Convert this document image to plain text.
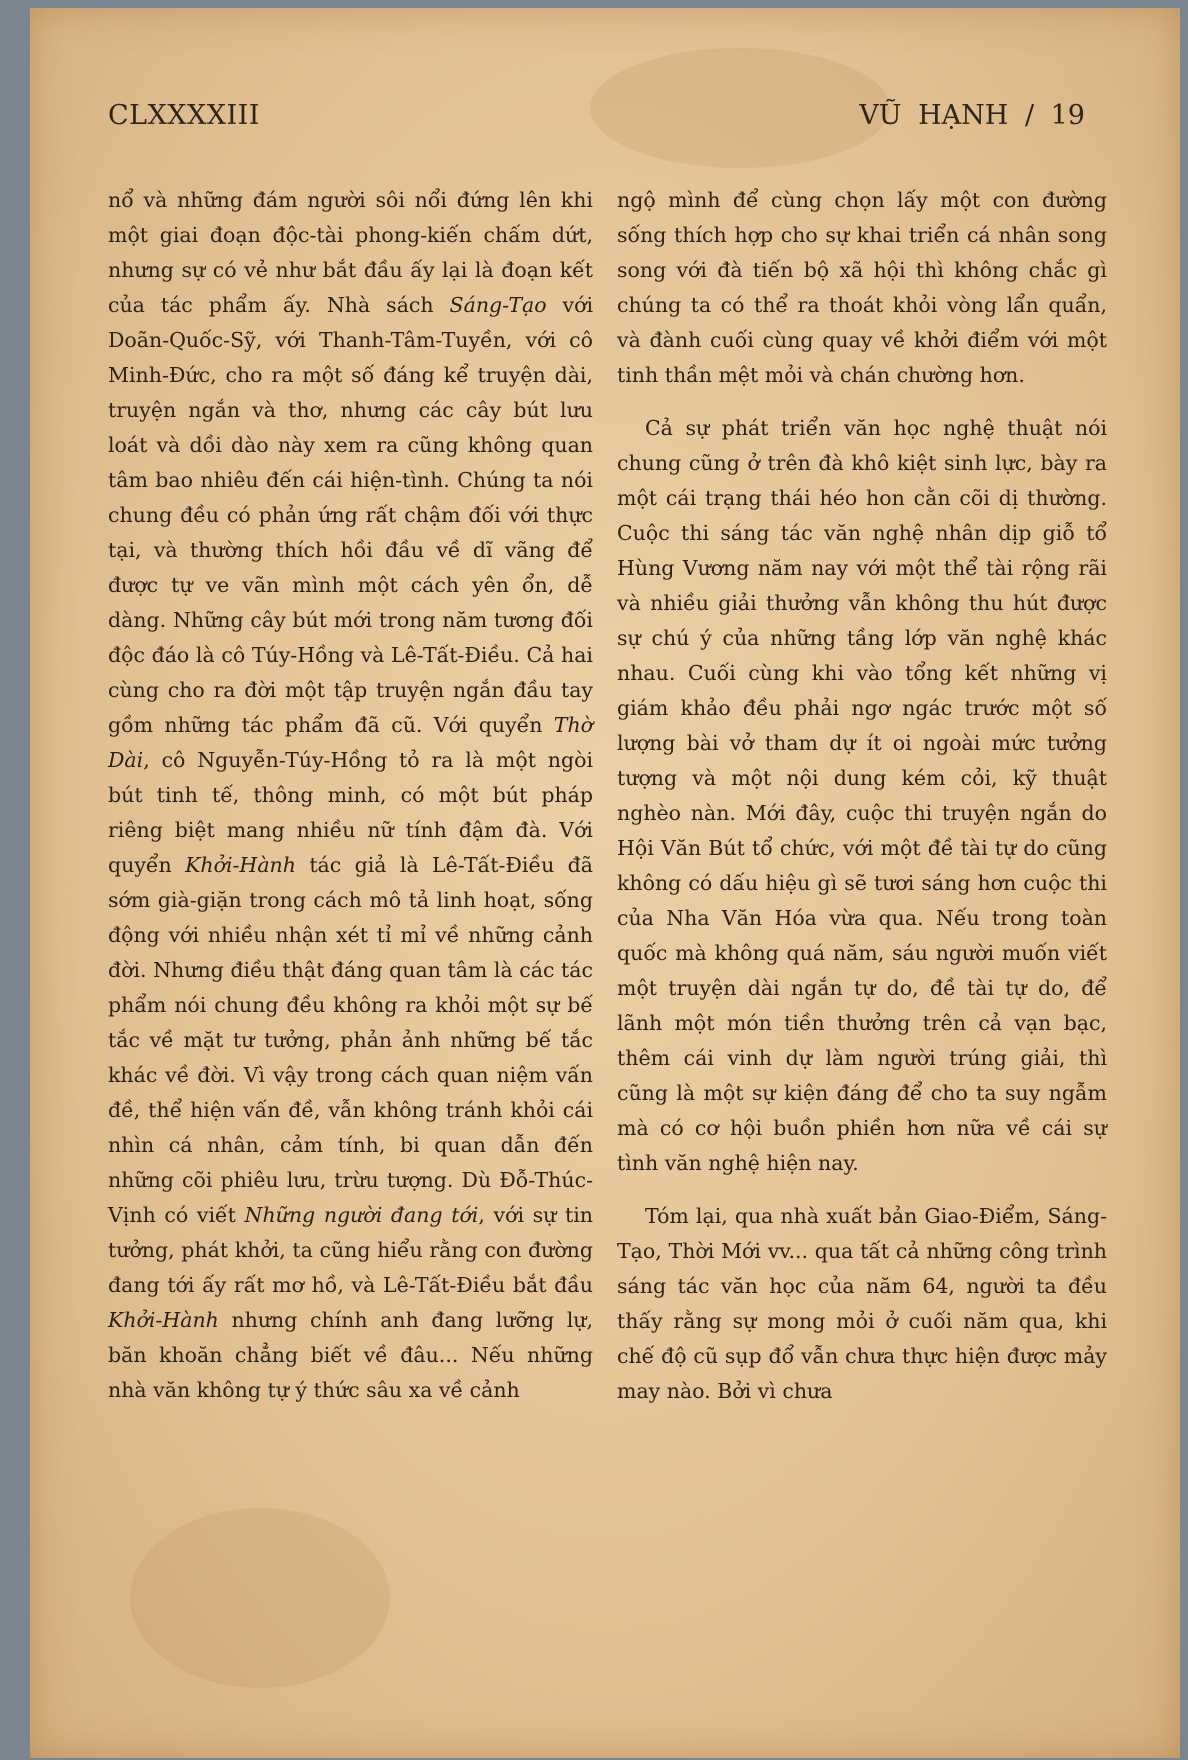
CLXXXXIII	VŨ HẠNH / 19

nổ và những đám người sôi nổi đứng lên khi một giai đoạn độc-tài phong-kiến chấm dứt, nhưng sự có vẻ như bắt đầu ấy lại là đoạn kết của tác phẩm ấy. Nhà sách Sáng-Tạo với Doãn-Quốc-Sỹ, với Thanh-Tâm-Tuyền, với cô Minh-Đức, cho ra một số đáng kể truyện dài, truyện ngắn và thơ, nhưng các cây bút lưu loát và dồi dào này xem ra cũng không quan tâm bao nhiêu đến cái hiện-tình. Chúng ta nói chung đều có phản ứng rất chậm đối với thực tại, và thường thích hồi đầu về dĩ vãng để được tự ve vãn mình một cách yên ổn, dễ dàng. Những cây bút mới trong năm tương đối độc đáo là cô Túy-Hồng và Lê-Tất-Điều. Cả hai cùng cho ra đời một tập truyện ngắn đầu tay gồm những tác phẩm đã cũ. Với quyển Thờ Dài, cô Nguyễn-Túy-Hồng tỏ ra là một ngòi bút tinh tế, thông minh, có một bút pháp riêng biệt mang nhiều nữ tính đậm đà. Với quyển Khởi-Hành tác giả là Lê-Tất-Điều đã sớm già-giặn trong cách mô tả linh hoạt, sống động với nhiều nhận xét tỉ mỉ về những cảnh đời. Nhưng điều thật đáng quan tâm là các tác phẩm nói chung đều không ra khỏi một sự bế tắc về mặt tư tưởng, phản ảnh những bế tắc khác về đời. Vì vậy trong cách quan niệm vấn đề, thể hiện vấn đề, vẫn không tránh khỏi cái nhìn cá nhân, cảm tính, bi quan dẫn đến những cõi phiêu lưu, trừu tượng. Dù Đỗ-Thúc-Vịnh có viết Những người đang tới, với sự tin tưởng, phát khởi, ta cũng hiểu rằng con đường đang tới ấy rất mơ hồ, và Lê-Tất-Điều bắt đầu Khởi-Hành nhưng chính anh đang lưỡng lự, băn khoăn chẳng biết về đâu... Nếu những nhà văn không tự ý thức sâu xa về cảnh

ngộ mình để cùng chọn lấy một con đường sống thích hợp cho sự khai triển cá nhân song song với đà tiến bộ xã hội thì không chắc gì chúng ta có thể ra thoát khỏi vòng lẩn quẩn, và đành cuối cùng quay về khởi điểm với một tinh thần mệt mỏi và chán chường hơn.

Cả sự phát triển văn học nghệ thuật nói chung cũng ở trên đà khô kiệt sinh lực, bày ra một cái trạng thái héo hon cằn cõi dị thường. Cuộc thi sáng tác văn nghệ nhân dịp giỗ tổ Hùng Vương năm nay với một thể tài rộng rãi và nhiều giải thưởng vẫn không thu hút được sự chú ý của những tầng lớp văn nghệ khác nhau. Cuối cùng khi vào tổng kết những vị giám khảo đều phải ngơ ngác trước một số lượng bài vở tham dự ít oi ngoài mức tưởng tượng và một nội dung kém cỏi, kỹ thuật nghèo nàn. Mới đây, cuộc thi truyện ngắn do Hội Văn Bút tổ chức, với một đề tài tự do cũng không có dấu hiệu gì sẽ tươi sáng hơn cuộc thi của Nha Văn Hóa vừa qua. Nếu trong toàn quốc mà không quá năm, sáu người muốn viết một truyện dài ngắn tự do, đề tài tự do, để lãnh một món tiền thưởng trên cả vạn bạc, thêm cái vinh dự làm người trúng giải, thì cũng là một sự kiện đáng để cho ta suy ngẫm mà có cơ hội buồn phiền hơn nữa về cái sự tình văn nghệ hiện nay.

Tóm lại, qua nhà xuất bản Giao-Điểm, Sáng-Tạo, Thời Mới vv... qua tất cả những công trình sáng tác văn học của năm 64, người ta đều thấy rằng sự mong mỏi ở cuối năm qua, khi chế độ cũ sụp đổ vẫn chưa thực hiện được mảy may nào. Bởi vì chưa
